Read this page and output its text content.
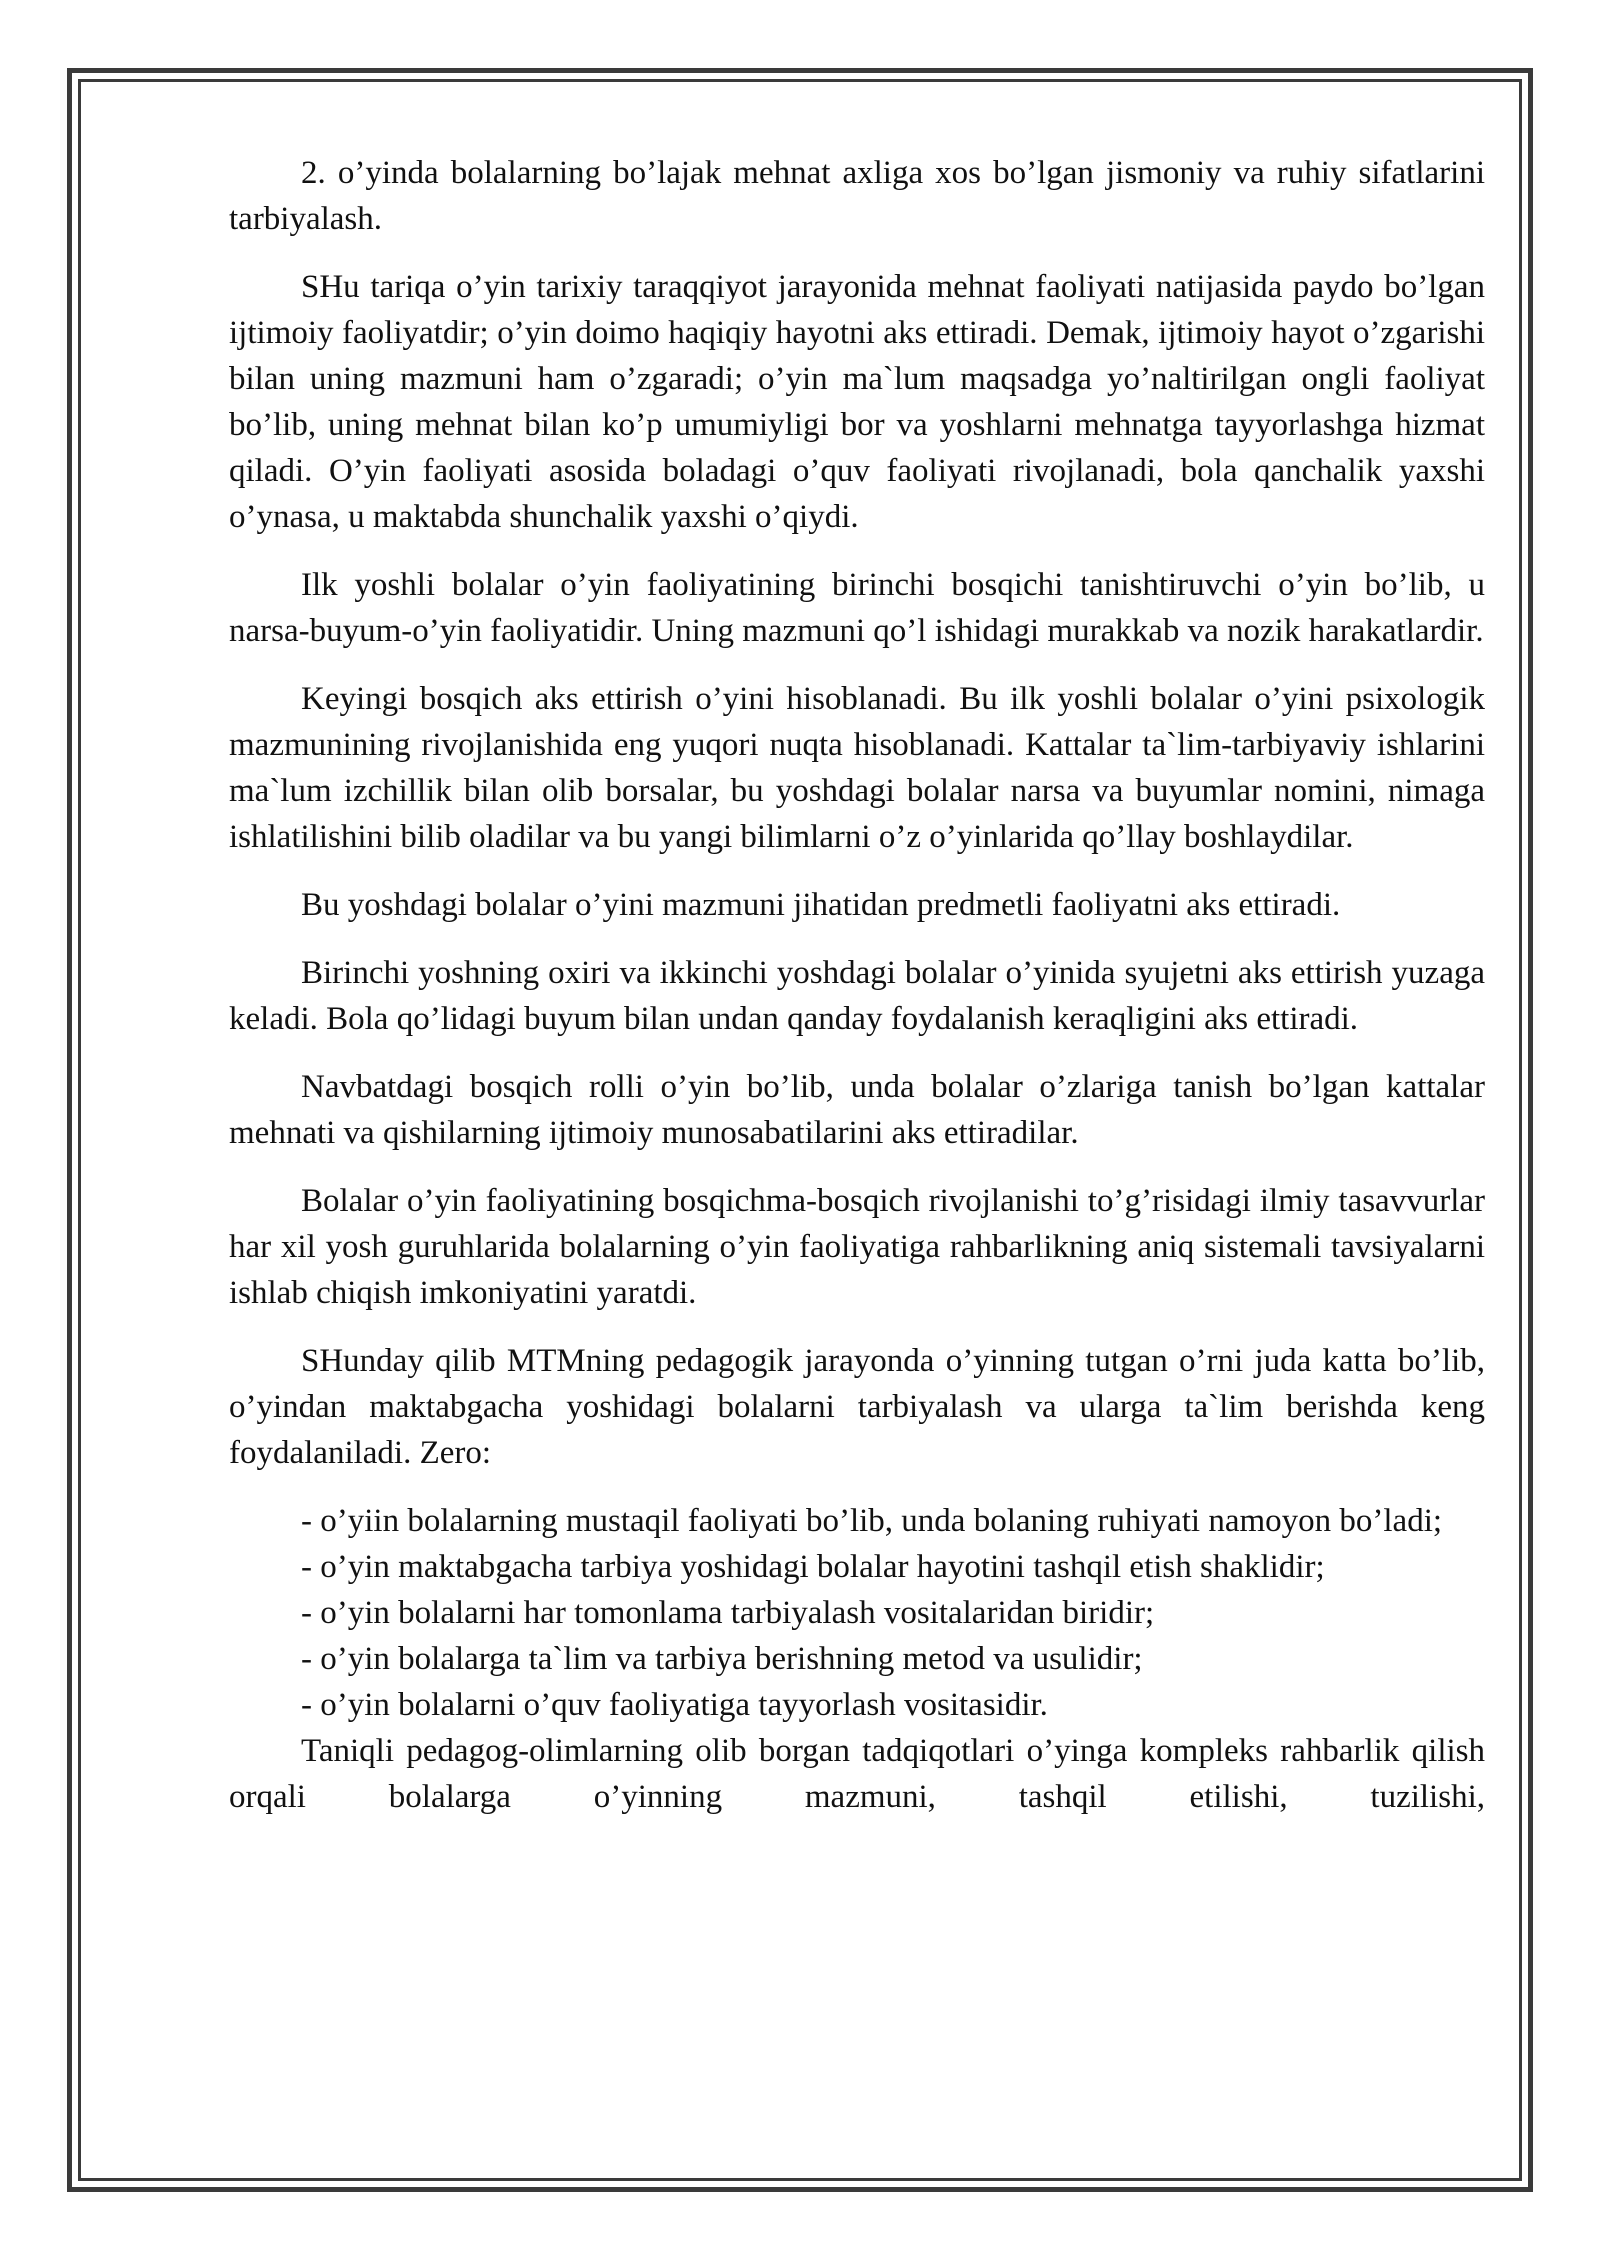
2. o’yinda bolalarning bo’lajak mehnat axliga xos bo’lgan jismoniy va ruhiy sifatlarini tarbiyalash.

SHu tariqa o’yin tarixiy taraqqiyot jarayonida mehnat faoliyati natijasida paydo bo’lgan ijtimoiy faoliyatdir; o’yin doimo haqiqiy hayotni aks ettiradi. Demak, ijtimoiy hayot o’zgarishi bilan uning mazmuni ham o’zgaradi; o’yin ma`lum maqsadga yo’naltirilgan ongli faoliyat bo’lib, uning mehnat bilan ko’p umumiyligi bor va yoshlarni mehnatga tayyorlashga hizmat qiladi. O’yin faoliyati asosida boladagi o’quv faoliyati rivojlanadi, bola qanchalik yaxshi o’ynasa, u maktabda shunchalik yaxshi o’qiydi.

Ilk yoshli bolalar o’yin faoliyatining birinchi bosqichi tanishtiruvchi o’yin bo’lib, u narsa-buyum-o’yin faoliyatidir. Uning mazmuni qo’l ishidagi murakkab va nozik harakatlardir.

Keyingi bosqich aks ettirish o’yini hisoblanadi. Bu ilk yoshli bolalar o’yini psixologik mazmunining rivojlanishida eng yuqori nuqta hisoblanadi. Kattalar ta`lim-tarbiyaviy ishlarini ma`lum izchillik bilan olib borsalar, bu yoshdagi bolalar narsa va buyumlar nomini, nimaga ishlatilishini bilib oladilar va bu yangi bilimlarni o’z o’yinlarida qo’llay boshlaydilar.

Bu yoshdagi bolalar o’yini mazmuni jihatidan predmetli faoliyatni aks ettiradi.

Birinchi yoshning oxiri va ikkinchi yoshdagi bolalar o’yinida syujetni aks ettirish yuzaga keladi. Bola qo’lidagi buyum bilan undan qanday foydalanish keraqligini aks ettiradi.

Navbatdagi bosqich rolli o’yin bo’lib, unda bolalar o’zlariga tanish bo’lgan kattalar mehnati va qishilarning ijtimoiy munosabatilarini aks ettiradilar.

Bolalar o’yin faoliyatining bosqichma-bosqich rivojlanishi to’g’risidagi ilmiy tasavvurlar har xil yosh guruhlarida bolalarning o’yin faoliyatiga rahbarlikning aniq sistemali tavsiyalarni ishlab chiqish imkoniyatini yaratdi.

SHunday qilib MTMning pedagogik jarayonda o’yinning tutgan o’rni juda katta bo’lib, o’yindan maktabgacha yoshidagi bolalarni tarbiyalash va ularga ta`lim berishda keng foydalaniladi. Zero:

- o’yiin bolalarning mustaqil faoliyati bo’lib, unda bolaning ruhiyati namoyon bo’ladi;

- o’yin maktabgacha tarbiya yoshidagi bolalar hayotini tashqil etish shaklidir;

- o’yin bolalarni har tomonlama tarbiyalash vositalaridan biridir;

- o’yin bolalarga ta`lim va tarbiya berishning metod va usulidir;

- o’yin bolalarni o’quv faoliyatiga tayyorlash vositasidir.

Taniqli pedagog-olimlarning olib borgan tadqiqotlari o’yinga kompleks rahbarlik qilish orqali bolalarga o’yinning mazmuni, tashqil etilishi, tuzilishi,
